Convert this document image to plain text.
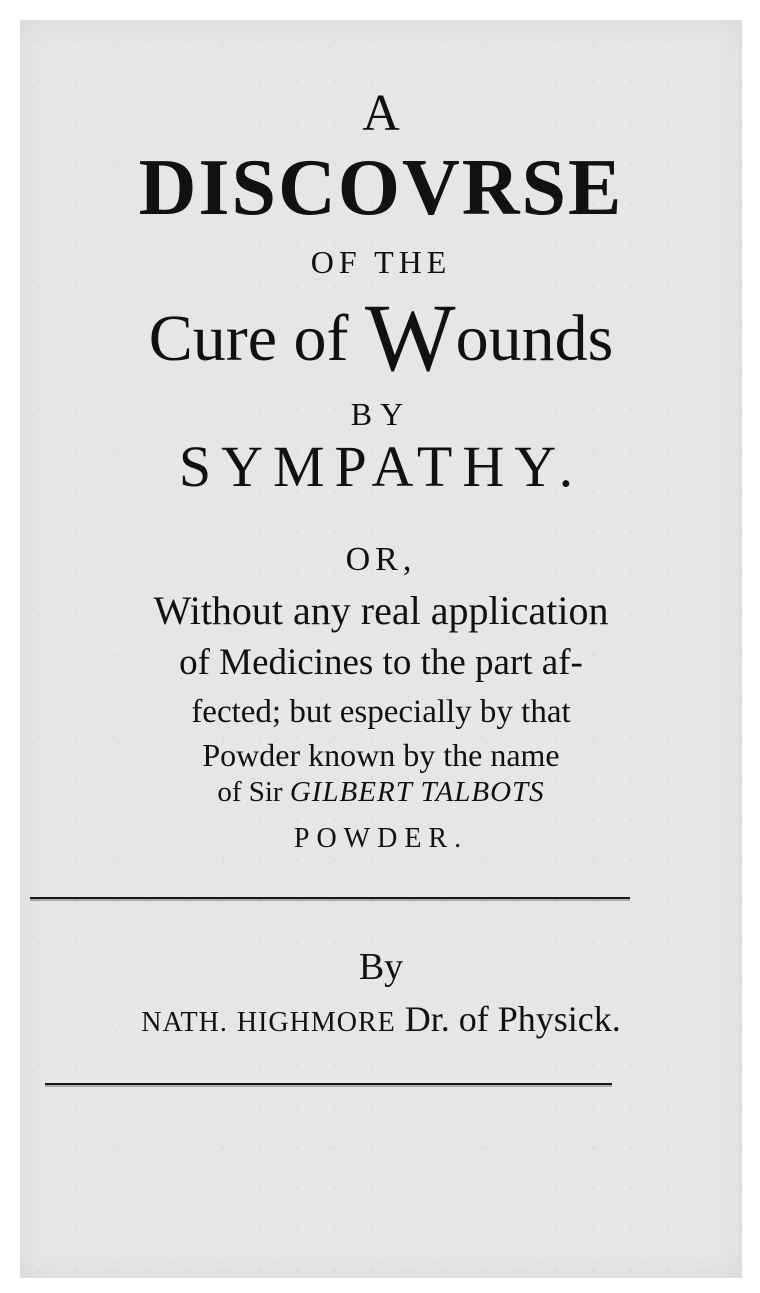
A
DISCOVRSE
OF THE
Cure of Wounds
BY
SYMPATHY.
OR,
Without any real application
of Medicines to the part af-
fected; but especially by that
Powder known by the name
of Sir GILBERT TALBOTS
POWDER.
By
NATH. HIGHMORE Dr. of Physick.
